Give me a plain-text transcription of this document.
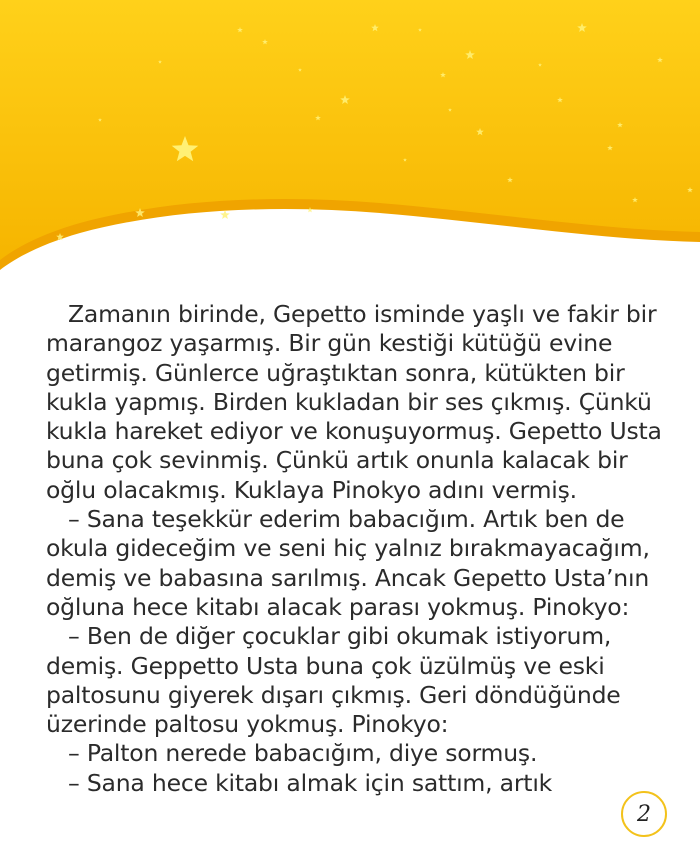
Zamanın birinde, Gepetto isminde yaşlı ve fakir bir
marangoz yaşarmış. Bir gün kestiği kütüğü evine
getirmiş. Günlerce uğraştıktan sonra, kütükten bir
kukla yapmış. Birden kukladan bir ses çıkmış. Çünkü
kukla hareket ediyor ve konuşuyormuş. Gepetto Usta
buna çok sevinmiş. Çünkü artık onunla kalacak bir
oğlu olacakmış. Kuklaya Pinokyo adını vermiş.
– Sana teşekkür ederim babacığım. Artık ben de
okula gideceğim ve seni hiç yalnız bırakmayacağım,
demiş ve babasına sarılmış. Ancak Gepetto Usta’nın
oğluna hece kitabı alacak parası yokmuş. Pinokyo:
– Ben de diğer çocuklar gibi okumak istiyorum,
demiş. Geppetto Usta buna çok üzülmüş ve eski
paltosunu giyerek dışarı çıkmış. Geri döndüğünde
üzerinde paltosu yokmuş. Pinokyo:
– Palton nerede babacığım, diye sormuş.
– Sana hece kitabı almak için sattım, artık
2
